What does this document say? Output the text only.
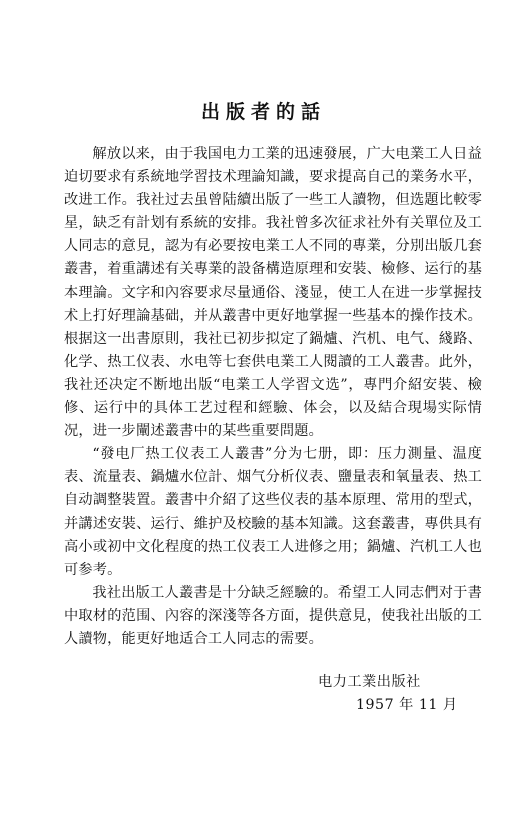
出版者的話

解放以来，由于我国电力工業的迅速發展，广大电業工人日益迫切要求有系統地学習技术理論知識，要求提高自己的業务水平，改进工作。我社过去虽曾陆續出版了一些工人讀物，但选題比較零星，缺乏有計划有系統的安排。我社曾多次征求社外有关單位及工人同志的意見，認为有必要按电業工人不同的專業，分別出版几套叢書，着重講述有关專業的設备構造原理和安裝、檢修、运行的基本理論。文字和內容要求尽量通俗、淺显，使工人在进一步掌握技术上打好理論基础，并从叢書中更好地掌握一些基本的操作技术。根据这一出書原則，我社已初步拟定了鍋爐、汽机、电气、綫路、化学、热工仪表、水电等七套供电業工人閱讀的工人叢書。此外，我社还决定不断地出版“电業工人学習文选”，專門介紹安裝、檢修、运行中的具体工艺过程和經驗、体会，以及結合現場实际情况，进一步闡述叢書中的某些重要問題。

“發电厂热工仪表工人叢書”分为七册，即：压力測量、温度表、流量表、鍋爐水位計、烟气分析仪表、鹽量表和氧量表、热工自动調整裝置。叢書中介紹了这些仪表的基本原理、常用的型式，并講述安裝、运行、維护及校驗的基本知識。这套叢書，專供具有高小或初中文化程度的热工仪表工人进修之用；鍋爐、汽机工人也可参考。

我社出版工人叢書是十分缺乏經驗的。希望工人同志們对于書中取材的范围、內容的深淺等各方面，提供意見，使我社出版的工人讀物，能更好地适合工人同志的需要。

电力工業出版社
1957 年 11 月
